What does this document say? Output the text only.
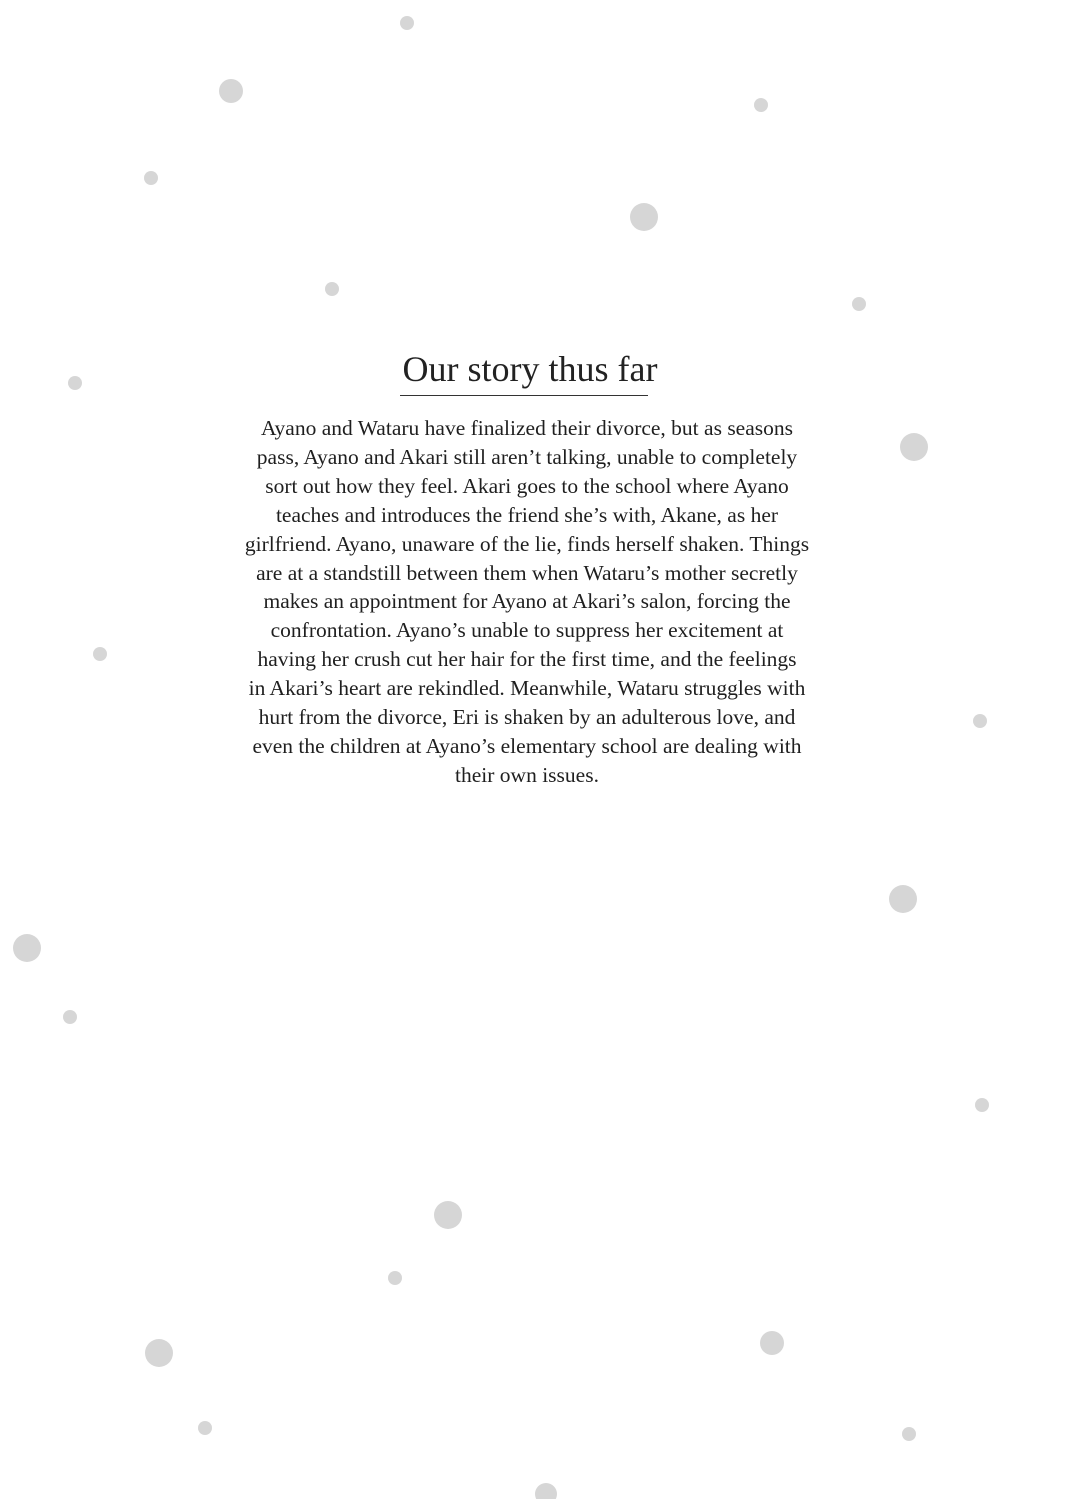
Our story thus far
Ayano and Wataru have finalized their divorce, but as seasons
pass, Ayano and Akari still aren’t talking, unable to completely
sort out how they feel. Akari goes to the school where Ayano
teaches and introduces the friend she’s with, Akane, as her
girlfriend. Ayano, unaware of the lie, finds herself shaken. Things
are at a standstill between them when Wataru’s mother secretly
makes an appointment for Ayano at Akari’s salon, forcing the
confrontation. Ayano’s unable to suppress her excitement at
having her crush cut her hair for the first time, and the feelings
in Akari’s heart are rekindled. Meanwhile, Wataru struggles with
hurt from the divorce, Eri is shaken by an adulterous love, and
even the children at Ayano’s elementary school are dealing with
their own issues.
